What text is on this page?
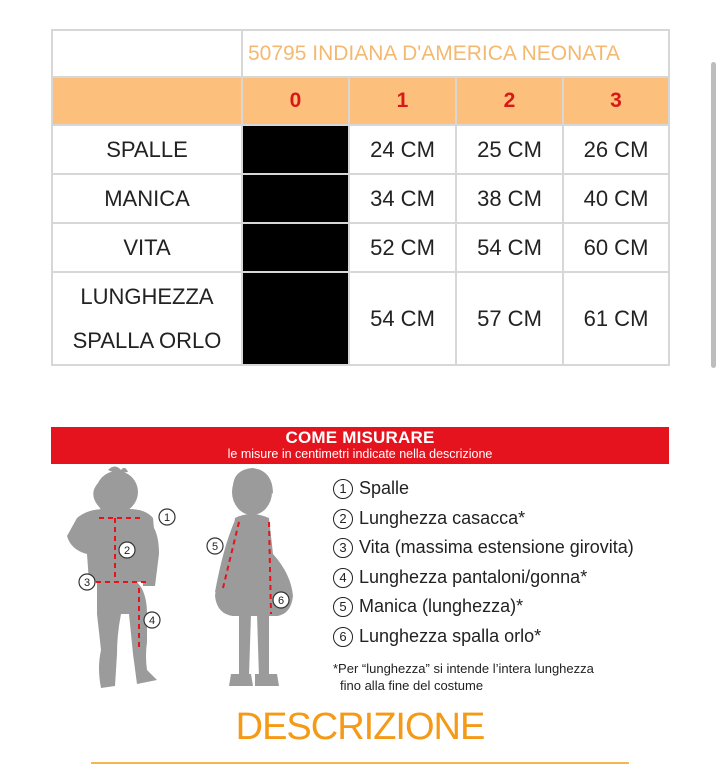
	50795 INDIANA D'AMERICA NEONATA			
	0	1	2	3
SPALLE		24 CM	25 CM	26 CM
MANICA		34 CM	38 CM	40 CM
VITA		52 CM	54 CM	60 CM

LUNGHEZZA
SPALLA ORLO		54 CM	57 CM	61 CM
COME MISURARE
le misure in centimetri indicate nella descrizione
1
2
3
4
5
6
1 Spalle
2 Lunghezza casacca*
3 Vita (massima estensione girovita)
4 Lunghezza pantaloni/gonna*
5 Manica (lunghezza)*
6 Lunghezza spalla orlo*
*Per “lunghezza” si intende l’intera lunghezza
fino alla fine del costume
DESCRIZIONE
